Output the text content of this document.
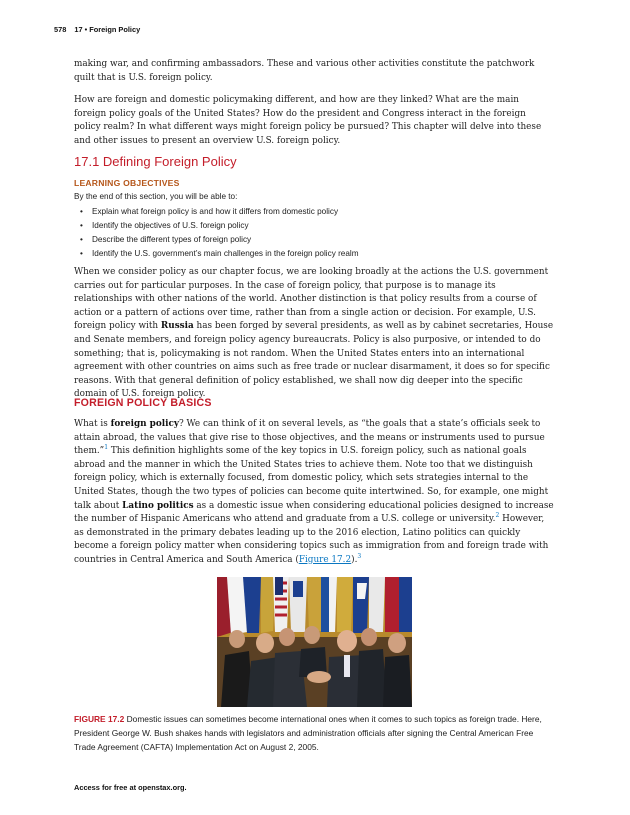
578 17 • Foreign Policy

making war, and confirming ambassadors. These and various other activities constitute the patchwork quilt that is U.S. foreign policy.

How are foreign and domestic policymaking different, and how are they linked? What are the main foreign policy goals of the United States? How do the president and Congress interact in the foreign policy realm? In what different ways might foreign policy be pursued? This chapter will delve into these and other issues to present an overview U.S. foreign policy.

17.1 Defining Foreign Policy
LEARNING OBJECTIVES
By the end of this section, you will be able to:
• Explain what foreign policy is and how it differs from domestic policy
• Identify the objectives of U.S. foreign policy
• Describe the different types of foreign policy
• Identify the U.S. government’s main challenges in the foreign policy realm

When we consider policy as our chapter focus, we are looking broadly at the actions the U.S. government carries out for particular purposes. In the case of foreign policy, that purpose is to manage its relationships with other nations of the world. Another distinction is that policy results from a course of action or a pattern of actions over time, rather than from a single action or decision. For example, U.S. foreign policy with Russia has been forged by several presidents, as well as by cabinet secretaries, House and Senate members, and foreign policy agency bureaucrats. Policy is also purposive, or intended to do something; that is, policymaking is not random. When the United States enters into an international agreement with other countries on aims such as free trade or nuclear disarmament, it does so for specific reasons. With that general definition of policy established, we shall now dig deeper into the specific domain of U.S. foreign policy.

FOREIGN POLICY BASICS

What is foreign policy? We can think of it on several levels, as “the goals that a state’s officials seek to attain abroad, the values that give rise to those objectives, and the means or instruments used to pursue them.”$^1$ This definition highlights some of the key topics in U.S. foreign policy, such as national goals abroad and the manner in which the United States tries to achieve them. Note too that we distinguish foreign policy, which is externally focused, from domestic policy, which sets strategies internal to the United States, though the two types of policies can become quite intertwined. So, for example, one might talk about Latino politics as a domestic issue when considering educational policies designed to increase the number of Hispanic Americans who attend and graduate from a U.S. college or university.$^2$ However, as demonstrated in the primary debates leading up to the 2016 election, Latino politics can quickly become a foreign policy matter when considering topics such as immigration from and foreign trade with countries in Central America and South America (Figure 17.2).$^3$

FIGURE 17.2 Domestic issues can sometimes become international ones when it comes to such topics as foreign trade. Here, President George W. Bush shakes hands with legislators and administration officials after signing the Central American Free Trade Agreement (CAFTA) Implementation Act on August 2, 2005.

Access for free at openstax.org.
